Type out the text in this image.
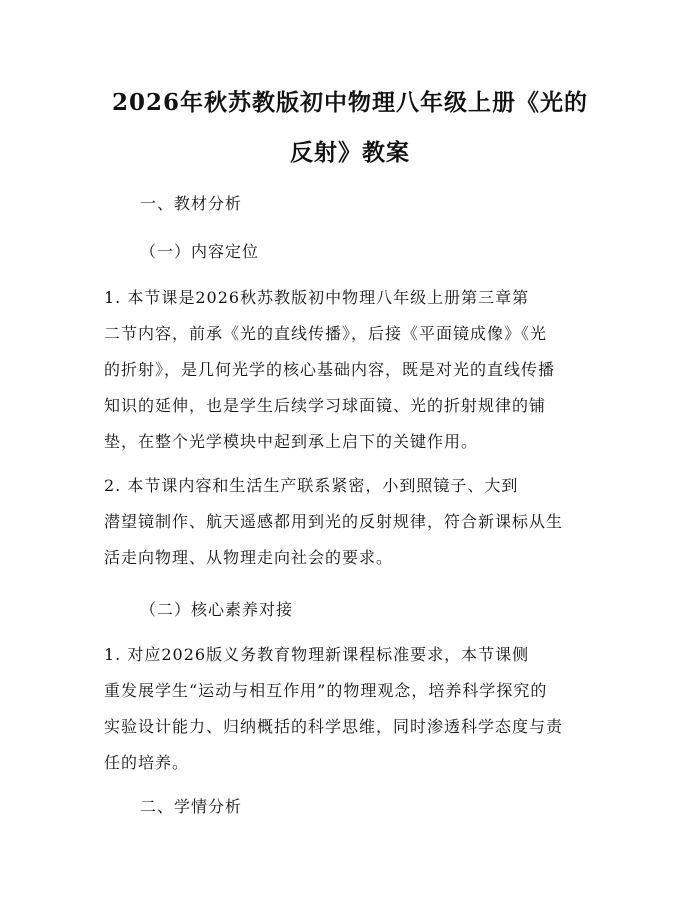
2026年秋苏教版初中物理八年级上册《光的
反射》教案
一、教材分析
（一）内容定位
1. 本节课是2026秋苏教版初中物理八年级上册第三章第
二节内容，前承《光的直线传播》，后接《平面镜成像》《光
的折射》，是几何光学的核心基础内容，既是对光的直线传播
知识的延伸，也是学生后续学习球面镜、光的折射规律的铺
垫，在整个光学模块中起到承上启下的关键作用。
2. 本节课内容和生活生产联系紧密，小到照镜子、大到
潜望镜制作、航天遥感都用到光的反射规律，符合新课标从生
活走向物理、从物理走向社会的要求。
（二）核心素养对接
1. 对应2026版义务教育物理新课程标准要求，本节课侧
重发展学生“运动与相互作用”的物理观念，培养科学探究的
实验设计能力、归纳概括的科学思维，同时渗透科学态度与责
任的培养。
二、学情分析
